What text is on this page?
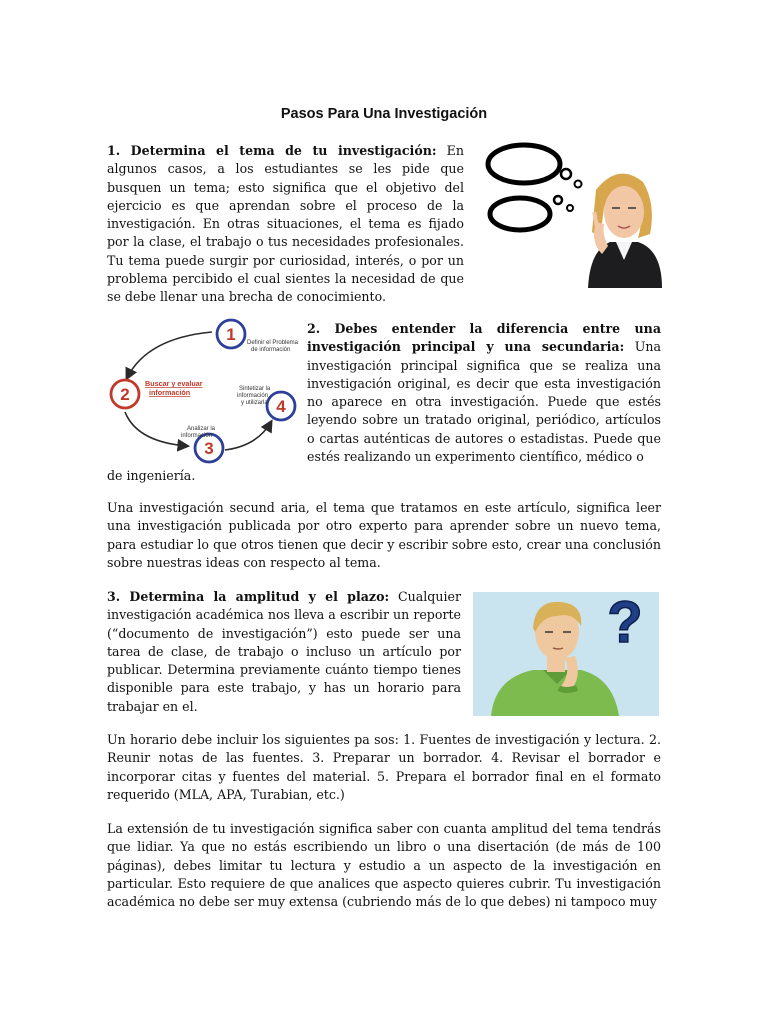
Pasos Para Una Investigación

1. Determina el tema de tu investigación: En algunos casos, a los estudiantes se les pide que busquen un tema; esto significa que el objetivo del ejercicio es que aprendan sobre el proceso de la investigación. En otras situaciones, el tema es fijado por la clase, el trabajo o tus necesidades profesionales. Tu tema puede surgir por curiosidad, interés, o por un problema percibido el cual sientes la necesidad de que se debe llenar una brecha de conocimiento.

1
2
3
4
Definir el Problema
de información
Buscar y evaluar
información
Analizar la
información
Sintetizar la
información
y utilizarla

2. Debes entender la diferencia entre una investigación principal y una secundaria: Una investigación principal significa que se realiza una investigación original, es decir que esta investigación no aparece en otra investigación. Puede que estés leyendo sobre un tratado original, periódico, artículos o cartas auténticas de autores o estadistas. Puede que estés realizando un experimento científico, médico o

de ingeniería.

Una investigación secund aria, el tema que tratamos en este artículo, significa leer una investigación publicada por otro experto para aprender sobre un nuevo tema, para estudiar lo que otros tienen que decir y escribir sobre esto, crear una conclusión sobre nuestras ideas con respecto al tema.

?

3. Determina la amplitud y el plazo: Cualquier investigación académica nos lleva a escribir un reporte (“documento de investigación”) esto puede ser una tarea de clase, de trabajo o incluso un artículo por publicar. Determina previamente cuánto tiempo tienes disponible para este trabajo, y has un horario para trabajar en el.

Un horario debe incluir los siguientes pa sos: 1. Fuentes de investigación y lectura. 2. Reunir notas de las fuentes. 3. Preparar un borrador. 4. Revisar el borrador e incorporar citas y fuentes del material. 5. Prepara el borrador final en el formato requerido (MLA, APA, Turabian, etc.)

La extensión de tu investigación significa saber con cuanta amplitud del tema tendrás que lidiar. Ya que no estás escribiendo un libro o una disertación (de más de 100 páginas), debes limitar tu lectura y estudio a un aspecto de la investigación en particular. Esto requiere de que analices que aspecto quieres cubrir. Tu investigación académica no debe ser muy extensa (cubriendo más de lo que debes) ni tampoco muy
